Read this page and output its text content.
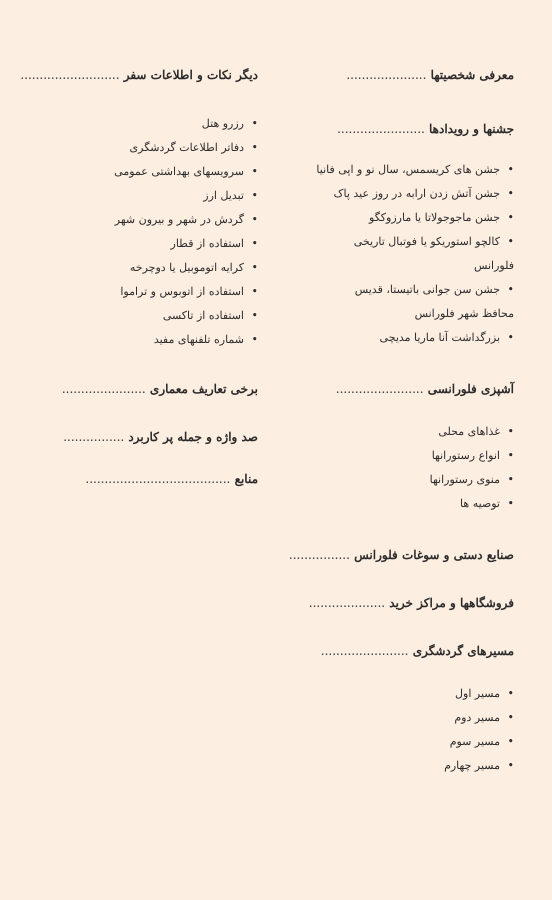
معرفی شخصیتها .....................
جشنها و رویدادها .......................
• جشن های کریسمس، سال نو و اپی فانیا
• جشن آتش زدن ارابه در روز عید پاک
• جشن ماجوجولاتا یا مارزوکگو
• کالچو استوریکو یا فوتبال تاریخی
فلورانس
• جشن سن جوانی باتیستا، قدیس
محافظ شهر فلورانس
• بزرگداشت آنا ماریا مدیچی
آشپزی فلورانسی .......................
• غذاهای محلی
• انواع رستورانها
• منوی رستورانها
• توصیه ها
صنایع دستی و سوغات فلورانس ................
فروشگاهها و مراکز خرید ....................
مسیرهای گردشگری .......................
• مسیر اول
• مسیر دوم
• مسیر سوم
• مسیر چهارم
دیگر نکات و اطلاعات سفر ..........................
• رزرو هتل
• دفاتر اطلاعات گردشگری
• سرویسهای بهداشتی عمومی
• تبدیل ارز
• گردش در شهر و بیرون شهر
• استفاده از قطار
• کرایه اتوموبیل یا دوچرخه
• استفاده از اتوبوس و تراموا
• استفاده از تاکسی
• شماره تلفنهای مفید
برخی تعاریف معماری ......................
صد واژه و جمله پر کاربرد ................
منابع ......................................
